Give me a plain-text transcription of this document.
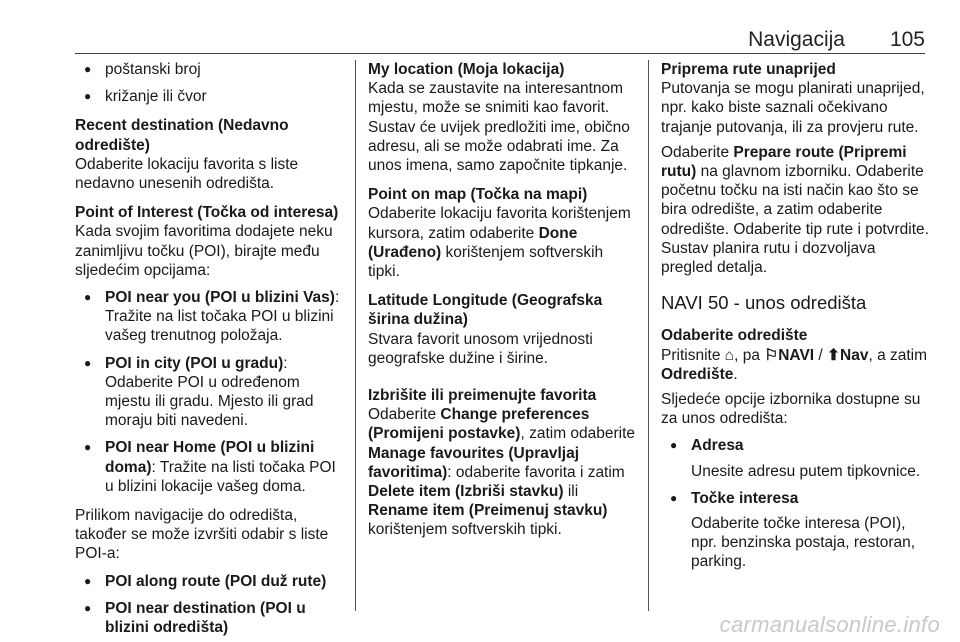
Navigacija 105
● poštanski broj
● križanje ili čvor
Recent destination (Nedavno odredište)

Odaberite lokaciju favorita s liste nedavno unesenih odredišta.

Point of Interest (Točka od interesa)

Kada svojim favoritima dodajete neku zanimljivu točku (POI), birajte među sljedećim opcijama:

● POI near you (POI u blizini Vas): Tražite na list točaka POI u blizini vašeg trenutnog položaja.
● POI in city (POI u gradu): Odaberite POI u određenom mjestu ili gradu. Mjesto ili grad moraju biti navedeni.
● POI near Home (POI u blizini doma): Tražite na listi točaka POI u blizini lokacije vašeg doma.

Prilikom navigacije do odredišta, također se može izvršiti odabir s liste POI-a:

● POI along route (POI duž rute)
● POI near destination (POI u blizini odredišta)
My location (Moja lokacija)

Kada se zaustavite na interesantnom mjestu, može se snimiti kao favorit. Sustav će uvijek predložiti ime, obično adresu, ali se može odabrati ime. Za unos imena, samo započnite tipkanje.

Point on map (Točka na mapi)

Odaberite lokaciju favorita korištenjem kursora, zatim odaberite Done (Urađeno) korištenjem softverskih tipki.

Latitude Longitude (Geografska širina dužina)

Stvara favorit unosom vrijednosti geografske dužine i širine.

Izbrišite ili preimenujte favorita

Odaberite Change preferences (Promijeni postavke), zatim odaberite Manage favourites (Upravljaj favoritima): odaberite favorita i zatim Delete item (Izbriši stavku) ili Rename item (Preimenuj stavku) korištenjem softverskih tipki.

Priprema rute unaprijed

Putovanja se mogu planirati unaprijed, npr. kako biste saznali očekivano trajanje putovanja, ili za provjeru rute.

Odaberite Prepare route (Pripremi rutu) na glavnom izborniku. Odaberite početnu točku na isti način kao što se bira odredište, a zatim odaberite odredište. Odaberite tip rute i potvrdite. Sustav planira rutu i dozvoljava pregled detalja.

NAVI 50 - unos odredišta
Odaberite odredište

Pritisnite ⌂, pa ⚐NAVI / ⬆Nav, a zatim Odredište.

Sljedeće opcije izbornika dostupne su za unos odredišta:

● Adresa
Unesite adresu putem tipkovnice.
● Točke interesa
Odaberite točke interesa (POI), npr. benzinska postaja, restoran, parking.
carmanualsonline.info
